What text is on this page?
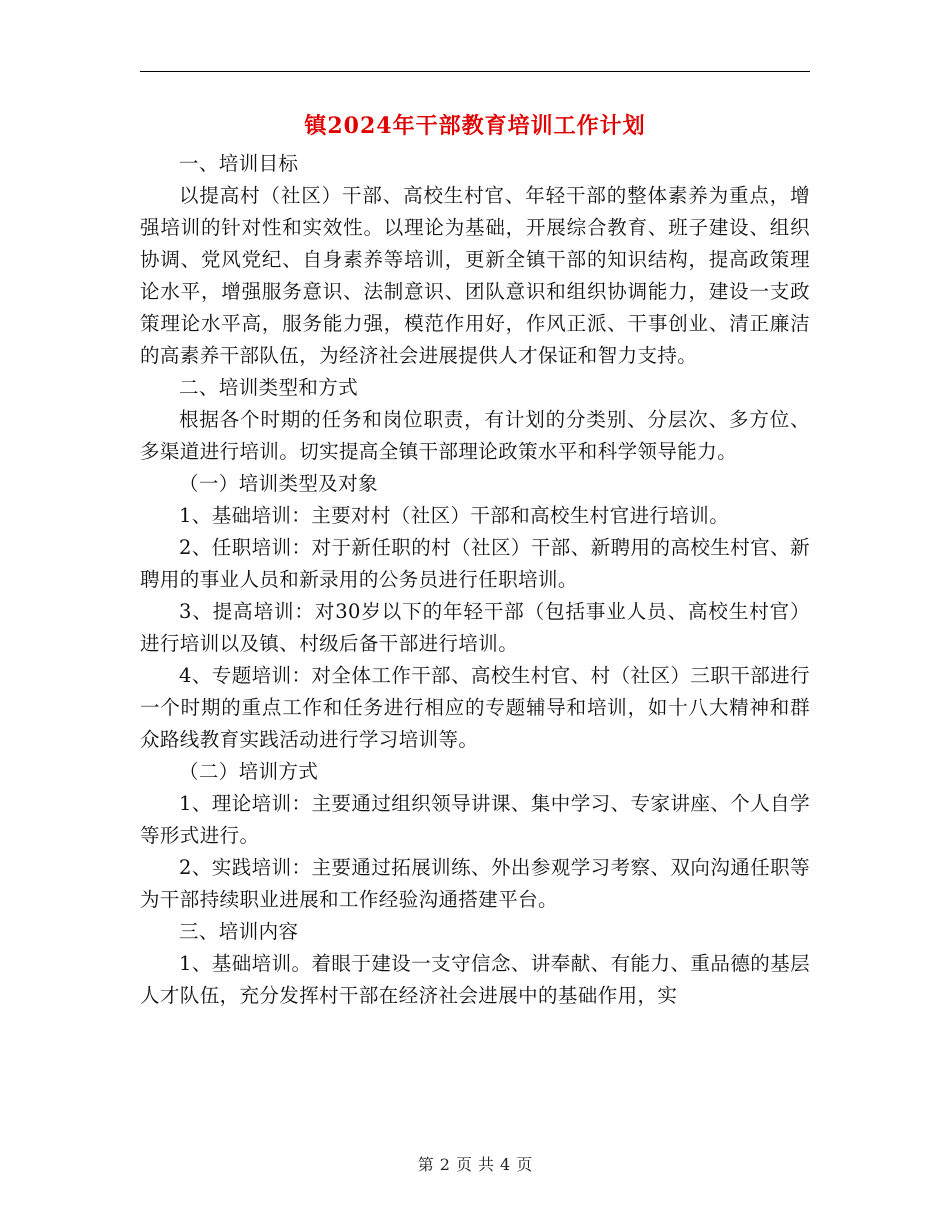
镇2024年干部教育培训工作计划

一、培训目标

以提高村（社区）干部、高校生村官、年轻干部的整体素养为重点，增强培训的针对性和实效性。以理论为基础，开展综合教育、班子建设、组织协调、党风党纪、自身素养等培训，更新全镇干部的知识结构，提高政策理论水平，增强服务意识、法制意识、团队意识和组织协调能力，建设一支政策理论水平高，服务能力强，模范作用好，作风正派、干事创业、清正廉洁的高素养干部队伍，为经济社会进展提供人才保证和智力支持。

二、培训类型和方式

根据各个时期的任务和岗位职责，有计划的分类别、分层次、多方位、多渠道进行培训。切实提高全镇干部理论政策水平和科学领导能力。

（一）培训类型及对象

1、基础培训：主要对村（社区）干部和高校生村官进行培训。

2、任职培训：对于新任职的村（社区）干部、新聘用的高校生村官、新聘用的事业人员和新录用的公务员进行任职培训。

3、提高培训：对30岁以下的年轻干部（包括事业人员、高校生村官）进行培训以及镇、村级后备干部进行培训。

4、专题培训：对全体工作干部、高校生村官、村（社区）三职干部进行一个时期的重点工作和任务进行相应的专题辅导和培训，如十八大精神和群众路线教育实践活动进行学习培训等。

（二）培训方式

1、理论培训：主要通过组织领导讲课、集中学习、专家讲座、个人自学等形式进行。

2、实践培训：主要通过拓展训练、外出参观学习考察、双向沟通任职等为干部持续职业进展和工作经验沟通搭建平台。

三、培训内容

1、基础培训。着眼于建设一支守信念、讲奉献、有能力、重品德的基层人才队伍，充分发挥村干部在经济社会进展中的基础作用，实

第 2 页 共 4 页
